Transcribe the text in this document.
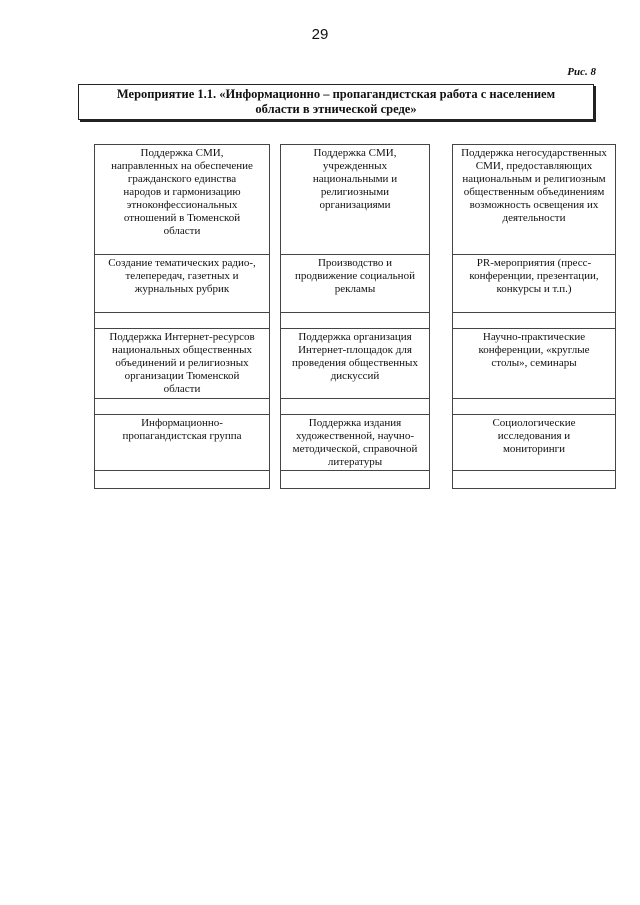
29
Рис. 8
Мероприятие 1.1. «Информационно – пропагандистская работа с населением области в этнической среде»
Поддержка СМИ, направленных на обеспечение гражданского единства народов и гармонизацию этноконфессиональных отношений в Тюменской области
Создание тематических радио-, телепередач, газетных и журнальных рубрик
Поддержка Интернет-ресурсов национальных общественных объединений и религиозных организации Тюменской области
Информационно-пропагандистская группа
Поддержка СМИ, учрежденных национальными и религиозными организациями
Производство и продвижение социальной рекламы
Поддержка организация Интернет-площадок для проведения общественных дискуссий
Поддержка издания художественной, научно-методической, справочной литературы
Поддержка негосударственных СМИ, предоставляющих национальным и религиозным общественным объединениям возможность освещения их деятельности
PR-мероприятия (пресс-конференции, презентации, конкурсы и т.п.)
Научно-практические конференции, «круглые столы», семинары
Социологические исследования и мониторинги
